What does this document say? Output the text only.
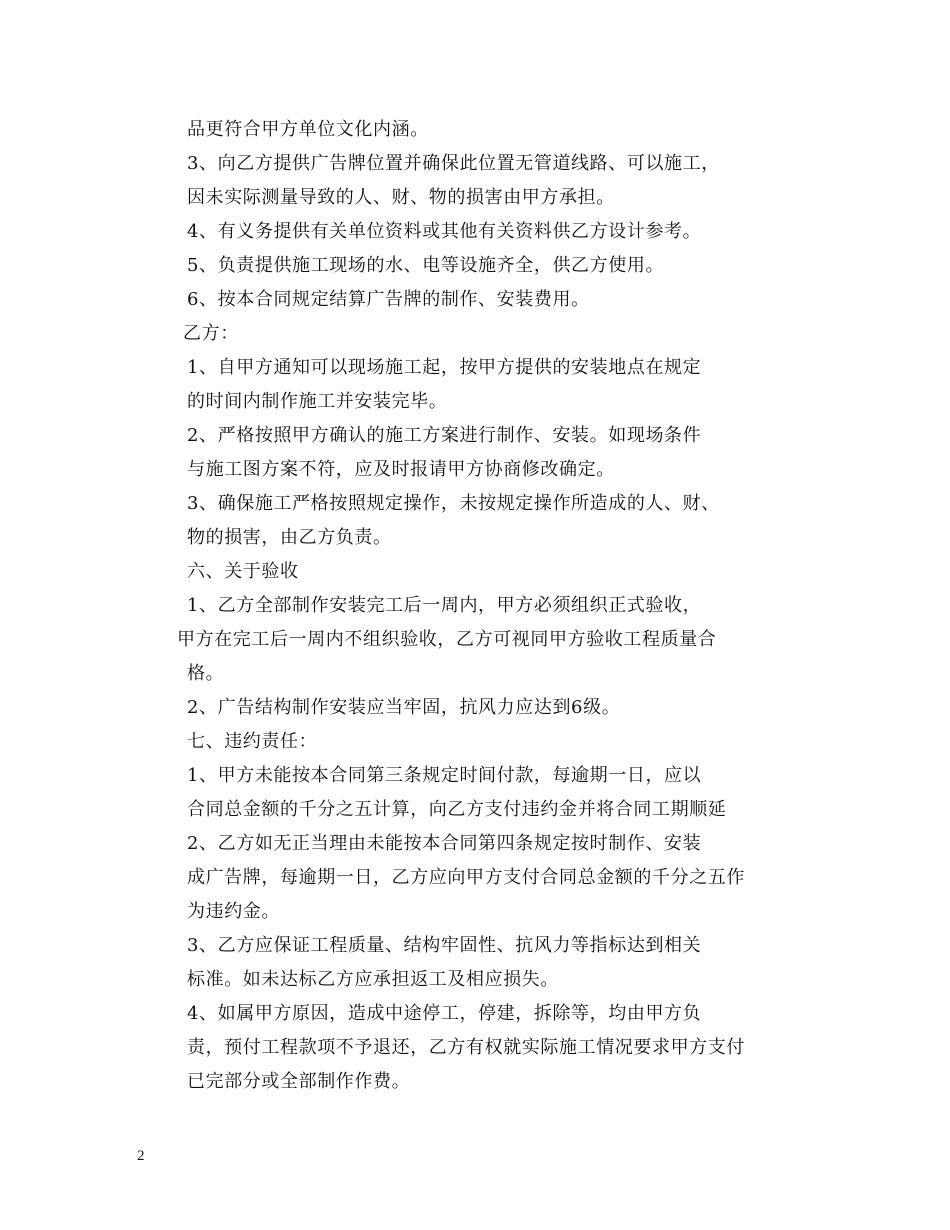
品更符合甲方单位文化内涵。
3、向乙方提供广告牌位置并确保此位置无管道线路、可以施工，
因未实际测量导致的人、财、物的损害由甲方承担。
4、有义务提供有关单位资料或其他有关资料供乙方设计参考。
5、负责提供施工现场的水、电等设施齐全，供乙方使用。
6、按本合同规定结算广告牌的制作、安装费用。
乙方：
1、自甲方通知可以现场施工起，按甲方提供的安装地点在规定
的时间内制作施工并安装完毕。
2、严格按照甲方确认的施工方案进行制作、安装。如现场条件
与施工图方案不符，应及时报请甲方协商修改确定。
3、确保施工严格按照规定操作，未按规定操作所造成的人、财、
物的损害，由乙方负责。
六、关于验收
1、乙方全部制作安装完工后一周内，甲方必须组织正式验收，
甲方在完工后一周内不组织验收，乙方可视同甲方验收工程质量合
格。
2、广告结构制作安装应当牢固，抗风力应达到6级。
七、违约责任：
1、甲方未能按本合同第三条规定时间付款，每逾期一日，应以
合同总金额的千分之五计算，向乙方支付违约金并将合同工期顺延
2、乙方如无正当理由未能按本合同第四条规定按时制作、安装
成广告牌，每逾期一日，乙方应向甲方支付合同总金额的千分之五作
为违约金。
3、乙方应保证工程质量、结构牢固性、抗风力等指标达到相关
标准。如未达标乙方应承担返工及相应损失。
4、如属甲方原因，造成中途停工，停建，拆除等，均由甲方负
责，预付工程款项不予退还，乙方有权就实际施工情况要求甲方支付
已完部分或全部制作作费。
2
